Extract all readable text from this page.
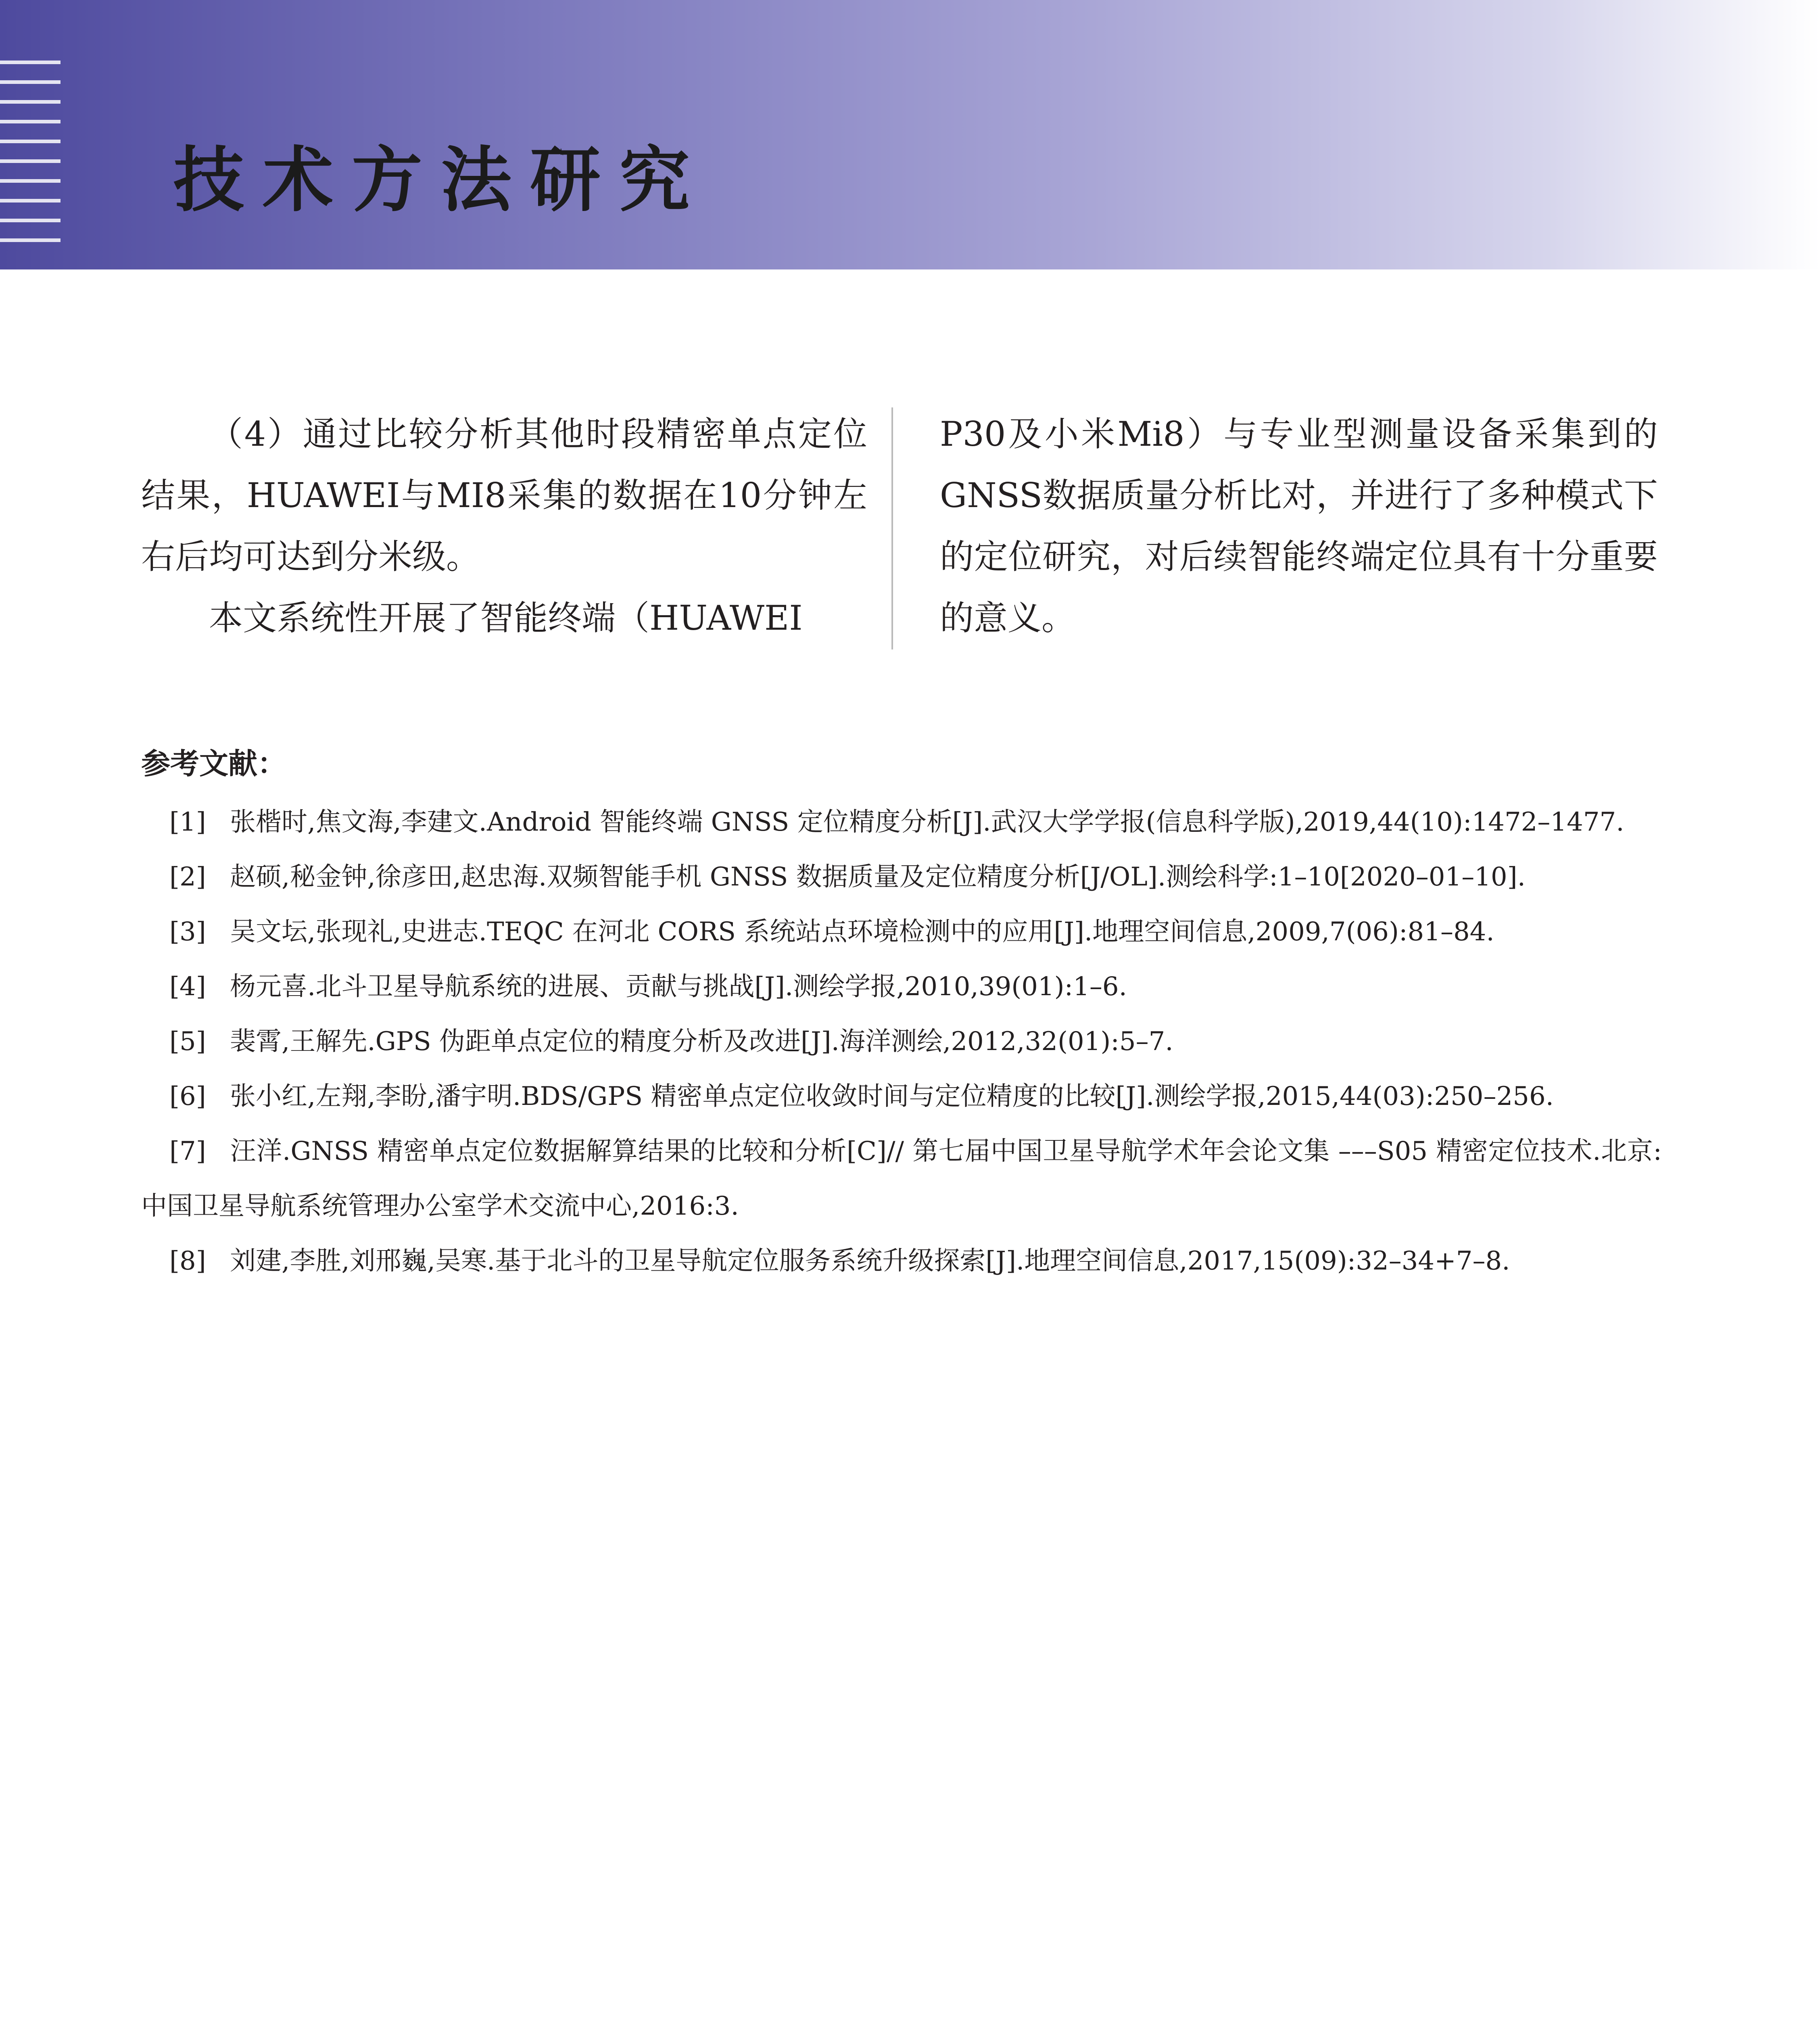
技术方法研究

（4）通过比较分析其他时段精密单点定位结果，HUAWEI与MI8采集的数据在10分钟左右后均可达到分米级。

本文系统性开展了智能终端（HUAWEI

P30及小米Mi8）与专业型测量设备采集到的GNSS数据质量分析比对，并进行了多种模式下的定位研究，对后续智能终端定位具有十分重要的意义。

参考文献：

[1] 张楷时,焦文海,李建文.Android 智能终端 GNSS 定位精度分析[J].武汉大学学报(信息科学版),2019,44(10):1472–1477.

[2] 赵硕,秘金钟,徐彦田,赵忠海.双频智能手机 GNSS 数据质量及定位精度分析[J/OL].测绘科学:1–10[2020–01–10].

[3] 吴文坛,张现礼,史进志.TEQC 在河北 CORS 系统站点环境检测中的应用[J].地理空间信息,2009,7(06):81–84.

[4] 杨元喜.北斗卫星导航系统的进展、贡献与挑战[J].测绘学报,2010,39(01):1–6.

[5] 裴霄,王解先.GPS 伪距单点定位的精度分析及改进[J].海洋测绘,2012,32(01):5–7.

[6] 张小红,左翔,李盼,潘宇明.BDS/GPS 精密单点定位收敛时间与定位精度的比较[J].测绘学报,2015,44(03):250–256.

[7] 汪洋.GNSS 精密单点定位数据解算结果的比较和分析[C]// 第七届中国卫星导航学术年会论文集 –––S05 精密定位技术.北京:中国卫星导航系统管理办公室学术交流中心,2016:3.

[8] 刘建,李胜,刘邢巍,吴寒.基于北斗的卫星导航定位服务系统升级探索[J].地理空间信息,2017,15(09):32–34+7–8.
